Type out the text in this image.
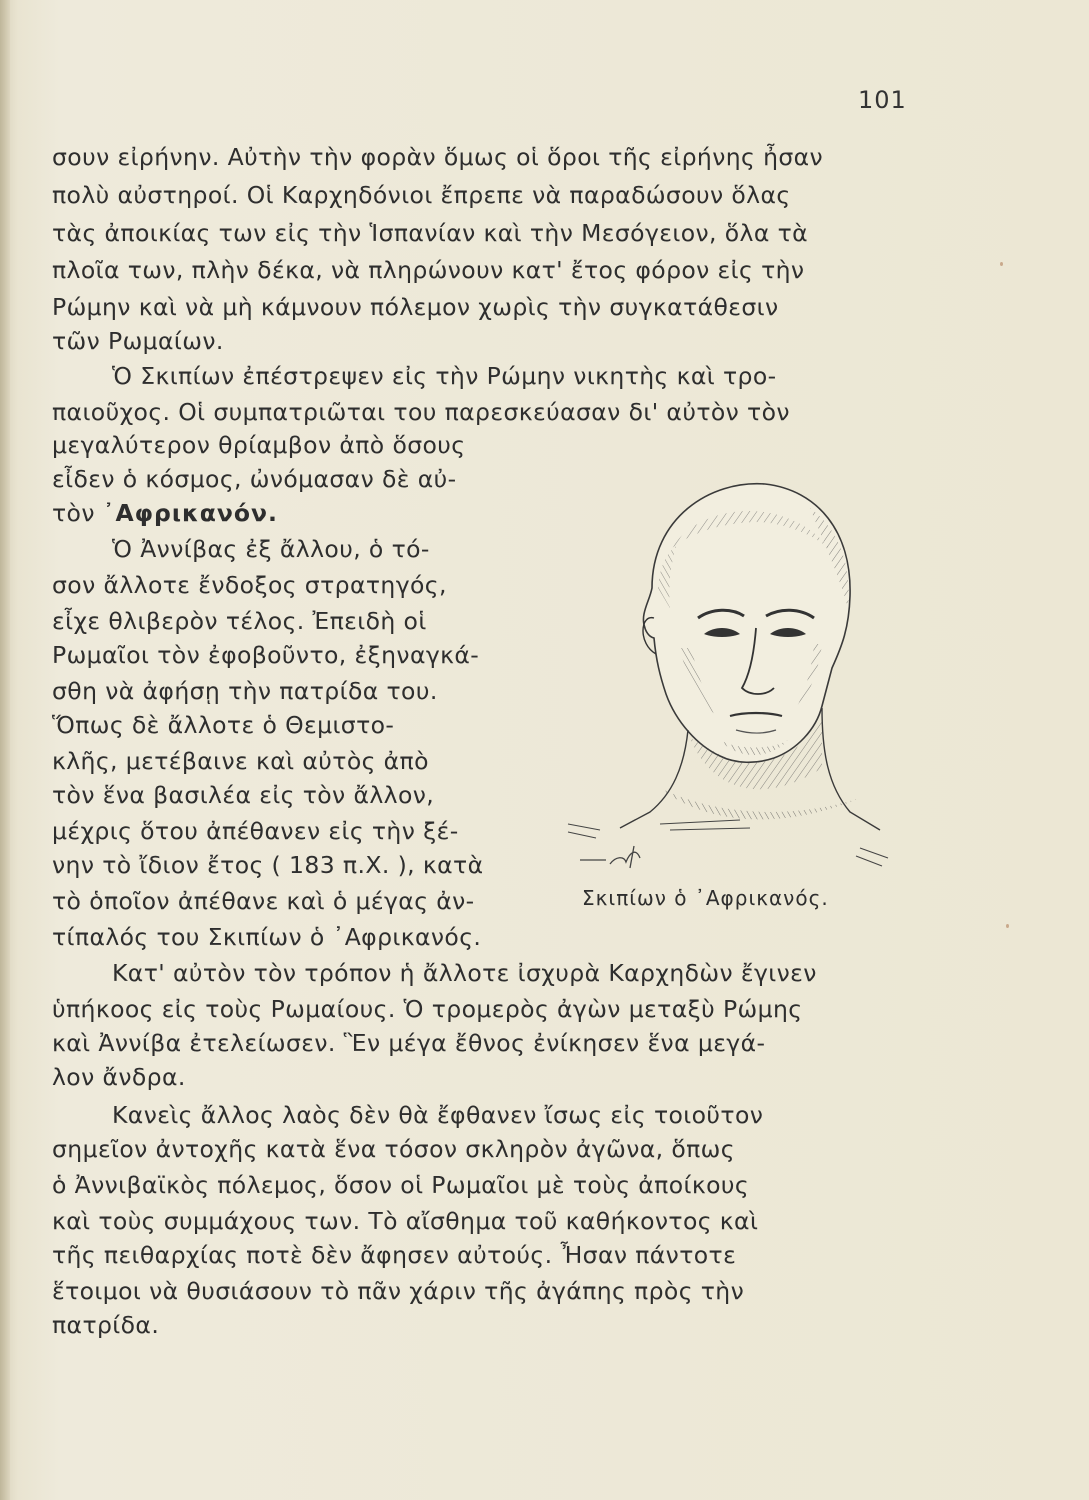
101
σουν εἰρήνην. Αὐτὴν τὴν φορὰν ὅμως οἱ ὅροι τῆς εἰρήνης ἦσαν
πολὺ αὐστηροί. Οἱ Καρχηδόνιοι ἔπρεπε νὰ παραδώσουν ὅλας
τὰς ἀποικίας των εἰς τὴν Ἱσπανίαν καὶ τὴν Μεσόγειον, ὅλα τὰ
πλοῖα των, πλὴν δέκα, νὰ πληρώνουν κατ' ἔτος φόρον εἰς τὴν
Ρώμην καὶ νὰ μὴ κάμνουν πόλεμον χωρὶς τὴν συγκατάθεσιν
τῶν Ρωμαίων.
Ὁ Σκιπίων ἐπέστρεψεν εἰς τὴν Ρώμην νικητὴς καὶ τρο-
παιοῦχος. Οἱ συμπατριῶται του παρεσκεύασαν δι' αὐτὸν τὸν
μεγαλύτερον θρίαμβον ἀπὸ ὅσους
εἶδεν ὁ κόσμος, ὠνόμασαν δὲ αὐ-
τὸν ᾿Αφρικανόν.
Ὁ Ἀννίβας ἐξ ἄλλου, ὁ τό-
σον ἄλλοτε ἔνδοξος στρατηγός,
εἶχε θλιβερὸν τέλος. Ἐπειδὴ οἱ
Ρωμαῖοι τὸν ἐφοβοῦντο, ἐξηναγκά-
σθη νὰ ἀφήσῃ τὴν πατρίδα του.
Ὅπως δὲ ἄλλοτε ὁ Θεμιστο-
κλῆς, μετέβαινε καὶ αὐτὸς ἀπὸ
τὸν ἕνα βασιλέα εἰς τὸν ἄλλον,
μέχρις ὅτου ἀπέθανεν εἰς τὴν ξέ-
νην τὸ ἴδιον ἔτος ( 183 π.Χ. ), κατὰ
τὸ ὁποῖον ἀπέθανε καὶ ὁ μέγας ἀν-
τίπαλός του Σκιπίων ὁ ᾿Αφρικανός.
Κατ' αὐτὸν τὸν τρόπον ἡ ἄλλοτε ἰσχυρὰ Καρχηδὼν ἔγινεν
ὑπήκοος εἰς τοὺς Ρωμαίους. Ὁ τρομερὸς ἀγὼν μεταξὺ Ρώμης
καὶ Ἀννίβα ἐτελείωσεν. Ἓν μέγα ἔθνος ἐνίκησεν ἕνα μεγά-
λον ἄνδρα.
Κανεὶς ἄλλος λαὸς δὲν θὰ ἔφθανεν ἴσως εἰς τοιοῦτον
σημεῖον ἀντοχῆς κατὰ ἕνα τόσον σκληρὸν ἀγῶνα, ὅπως
ὁ Ἀννιβαϊκὸς πόλεμος, ὅσον οἱ Ρωμαῖοι μὲ τοὺς ἀποίκους
καὶ τοὺς συμμάχους των. Τὸ αἴσθημα τοῦ καθήκοντος καὶ
τῆς πειθαρχίας ποτὲ δὲν ἄφησεν αὐτούς. Ἦσαν πάντοτε
ἕτοιμοι νὰ θυσιάσουν τὸ πᾶν χάριν τῆς ἀγάπης πρὸς τὴν
πατρίδα.
Σκιπίων ὁ ᾿Αφρικανός.
